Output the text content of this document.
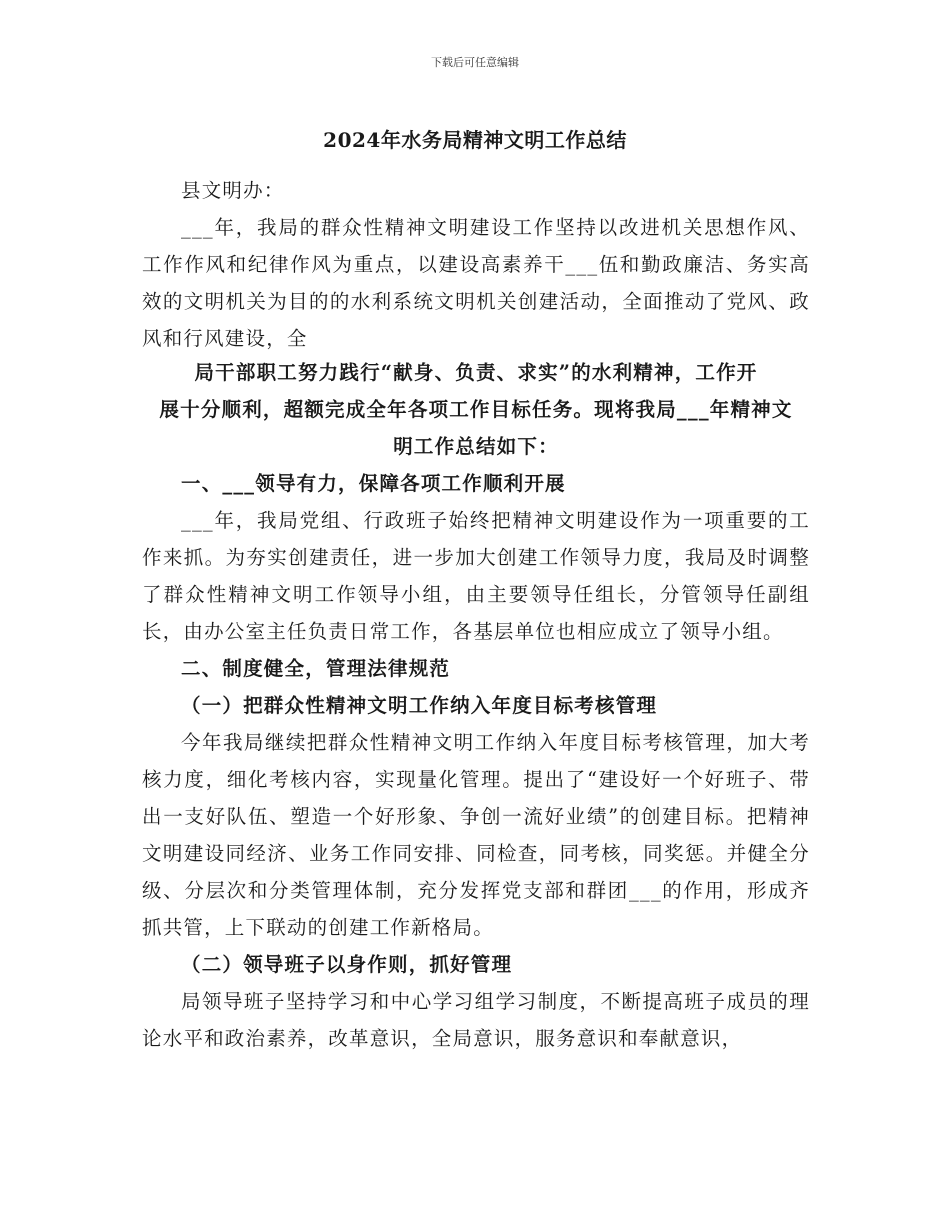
下载后可任意编辑
2024年水务局精神文明工作总结

县文明办：

___年，我局的群众性精神文明建设工作坚持以改进机关思想作风、工作作风和纪律作风为重点，以建设高素养干___伍和勤政廉洁、务实高效的文明机关为目的的水利系统文明机关创建活动，全面推动了党风、政风和行风建设，全

局干部职工努力践行“献身、负责、求实”的水利精神，工作开
展十分顺利，超额完成全年各项工作目标任务。现将我局___年精神文
明工作总结如下：

一、___领导有力，保障各项工作顺利开展

___年，我局党组、行政班子始终把精神文明建设作为一项重要的工作来抓。为夯实创建责任，进一步加大创建工作领导力度，我局及时调整了群众性精神文明工作领导小组，由主要领导任组长，分管领导任副组长，由办公室主任负责日常工作，各基层单位也相应成立了领导小组。

二、制度健全，管理法律规范

（一）把群众性精神文明工作纳入年度目标考核管理

今年我局继续把群众性精神文明工作纳入年度目标考核管理，加大考核力度，细化考核内容，实现量化管理。提出了“建设好一个好班子、带出一支好队伍、塑造一个好形象、争创一流好业绩”的创建目标。把精神文明建设同经济、业务工作同安排、同检查，同考核，同奖惩。并健全分级、分层次和分类管理体制，充分发挥党支部和群团___的作用，形成齐抓共管，上下联动的创建工作新格局。

（二）领导班子以身作则，抓好管理

局领导班子坚持学习和中心学习组学习制度，不断提高班子成员的理论水平和政治素养，改革意识，全局意识，服务意识和奉献意识，
